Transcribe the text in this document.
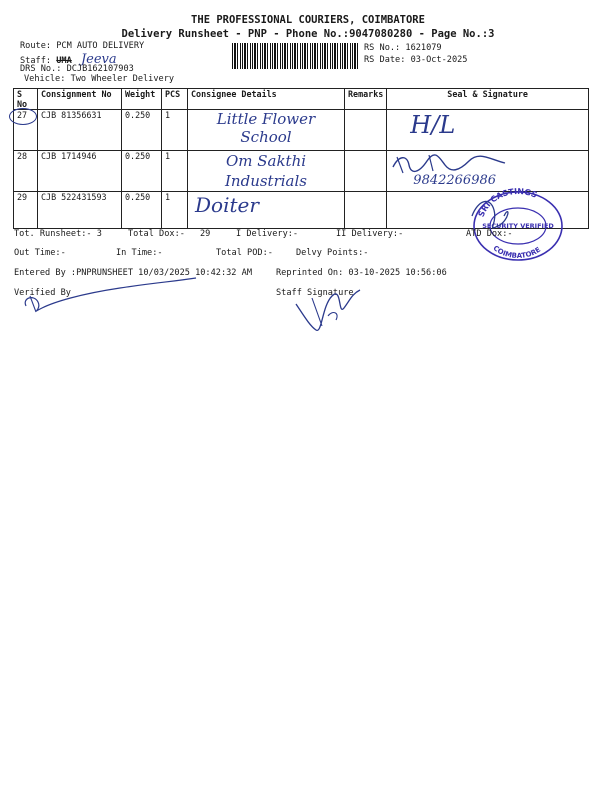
THE PROFESSIONAL COURIERS, COIMBATORE
Delivery Runsheet - PNP - Phone No.:9047080280 - Page No.:3
Route: PCM AUTO DELIVERY
Staff: UMA Jeeva
DRS No.: DCJB162107903
Vehicle: Two Wheeler Delivery
RS No.: 1621079
RS Date: 03-Oct-2025
S No	Consignment No	Weight	PCS	Consignee Details	Remarks	Seal & Signature
27	CJB 81356631	0.250	1	Little Flower School		H/L

28	CJB 1714946	0.250	1	Om Sakthi Industrials		9842266986

29	CJB 522431593	0.250	1	Doiter		
			SRI CASTINGS
COIMBATORE
SECURITY VERIFIED
Tot. Runsheet:- 3	Total Dox:- 29	I Delivery:-	II Delivery:-	ATD Dox:-
Out Time:-	In Time:-	Total POD:-	Delvy Points:-
Entered By :PNPRUNSHEET 10/03/2025 10:42:32 AM	Reprinted On: 03-10-2025 10:56:06
Verified By	Staff Signature
